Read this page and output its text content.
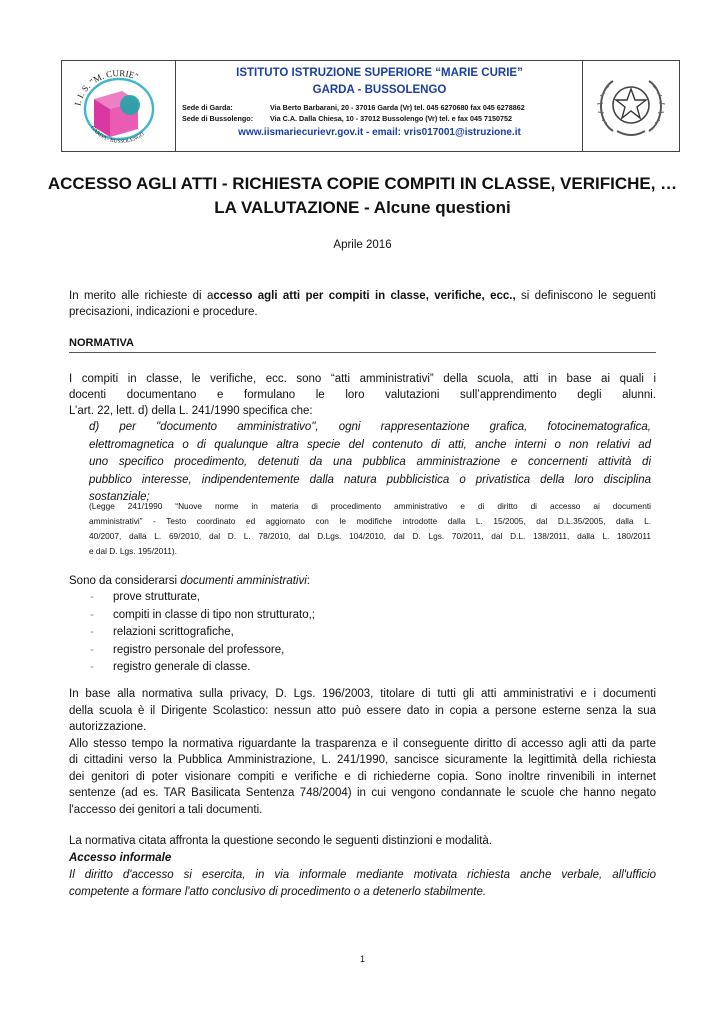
I. I. S. "M. CURIE"
GARDA - BUSSOLENGO
ISTITUTO ISTRUZIONE SUPERIORE “MARIE CURIE”
GARDA - BUSSOLENGO
Sede di Garda:	Via Berto Barbarani, 20 - 37016 Garda (Vr) tel. 045 6270680 fax 045 6278862
Sede di Bussolengo: Via C.A. Dalla Chiesa, 10 - 37012 Bussolengo (Vr) tel. e fax 045 7150752
www.iismariecurievr.gov.it - email: vris017001@istruzione.it
ACCESSO AGLI ATTI - RICHIESTA COPIE COMPITI IN CLASSE, VERIFICHE, …
LA VALUTAZIONE - Alcune questioni
Aprile 2016
In merito alle richieste di accesso agli atti per compiti in classe, verifiche, ecc., si definiscono le seguenti
precisazioni, indicazioni e procedure.
NORMATIVA
I compiti in classe, le verifiche, ecc. sono “atti amministrativi” della scuola, atti in base ai quali i
docenti documentano e formulano le loro valutazioni sull’apprendimento degli alunni.
L’art. 22, lett. d) della L. 241/1990 specifica che:
d) per "documento amministrativo", ogni rappresentazione grafica, fotocinematografica,
elettromagnetica o di qualunque altra specie del contenuto di atti, anche interni o non relativi ad
uno specifico procedimento, detenuti da una pubblica amministrazione e concernenti attività di
pubblico interesse, indipendentemente dalla natura pubblicistica o privatistica della loro disciplina
sostanziale;
(Legge 241/1990 “Nuove norme in materia di procedimento amministrativo e di diritto di accesso ai documenti
amministrativi” - Testo coordinato ed aggiornato con le modifiche introdotte dalla L. 15/2005, dal D.L.35/2005, dalla L.
40/2007, dalla L. 69/2010, dal D. L. 78/2010, dal D.Lgs. 104/2010, dal D. Lgs. 70/2011, dal D.L. 138/2011, dalla L. 180/2011
e dal D. Lgs. 195/2011).
Sono da considerarsi documenti amministrativi:
- prove strutturate,
- compiti in classe di tipo non strutturato,;
- relazioni scrittografiche,
- registro personale del professore,
- registro generale di classe.
In base alla normativa sulla privacy, D. Lgs. 196/2003, titolare di tutti gli atti amministrativi e i documenti
della scuola è il Dirigente Scolastico: nessun atto può essere dato in copia a persone esterne senza la sua
autorizzazione.
Allo stesso tempo la normativa riguardante la trasparenza e il conseguente diritto di accesso agli atti da parte
di cittadini verso la Pubblica Amministrazione, L. 241/1990, sancisce sicuramente la legittimità della richiesta
dei genitori di poter visionare compiti e verifiche e di richiederne copia. Sono inoltre rinvenibili in internet
sentenze (ad es. TAR Basilicata Sentenza 748/2004) in cui vengono condannate le scuole che hanno negato
l'accesso dei genitori a tali documenti.
La normativa citata affronta la questione secondo le seguenti distinzioni e modalità.
Accesso informale
Il diritto d'accesso si esercita, in via informale mediante motivata richiesta anche verbale, all'ufficio
competente a formare l'atto conclusivo di procedimento o a detenerlo stabilmente.
1
